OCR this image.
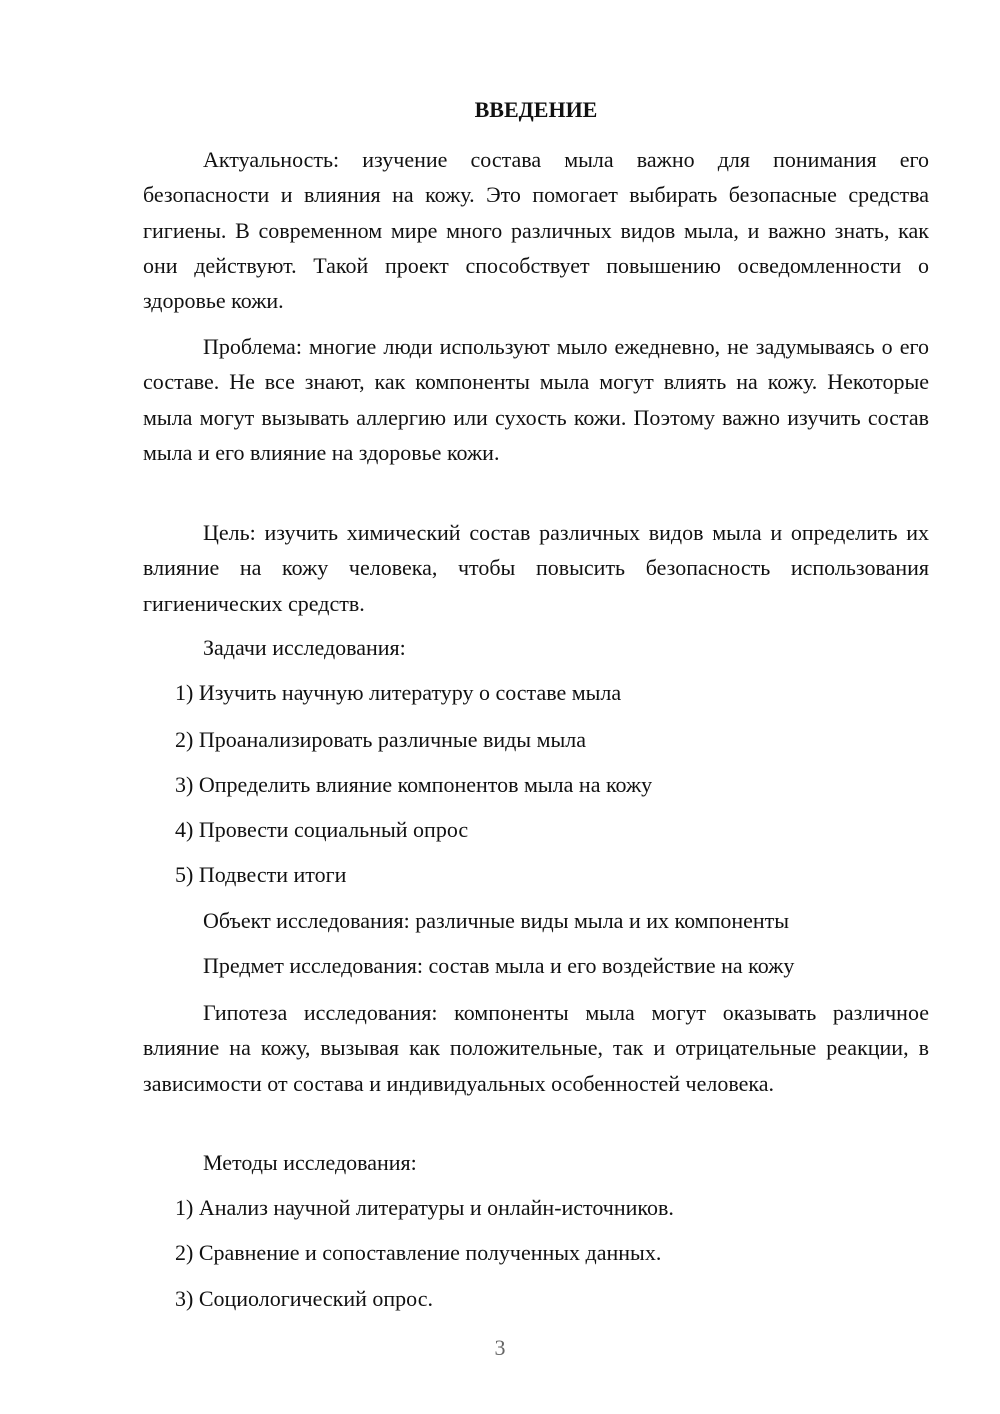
ВВЕДЕНИЕ

Актуальность: изучение состава мыла важно для понимания его безопасности и влияния на кожу. Это помогает выбирать безопасные средства гигиены. В современном мире много различных видов мыла, и важно знать, как они действуют. Такой проект способствует повышению осведомленности о здоровье кожи.

Проблема: многие люди используют мыло ежедневно, не задумываясь о его составе. Не все знают, как компоненты мыла могут влиять на кожу. Некоторые мыла могут вызывать аллергию или сухость кожи. Поэтому важно изучить состав мыла и его влияние на здоровье кожи.

Цель: изучить химический состав различных видов мыла и определить их влияние на кожу человека, чтобы повысить безопасность использования гигиенических средств.

Задачи исследования:

1) Изучить научную литературу о составе мыла

2) Проанализировать различные виды мыла

3) Определить влияние компонентов мыла на кожу

4) Провести социальный опрос

5) Подвести итоги

Объект исследования: различные виды мыла и их компоненты

Предмет исследования: состав мыла и его воздействие на кожу

Гипотеза исследования: компоненты мыла могут оказывать различное влияние на кожу, вызывая как положительные, так и отрицательные реакции, в зависимости от состава и индивидуальных особенностей человека.

Методы исследования:

1) Анализ научной литературы и онлайн-источников.

2) Сравнение и сопоставление полученных данных.

3) Социологический опрос.

3
